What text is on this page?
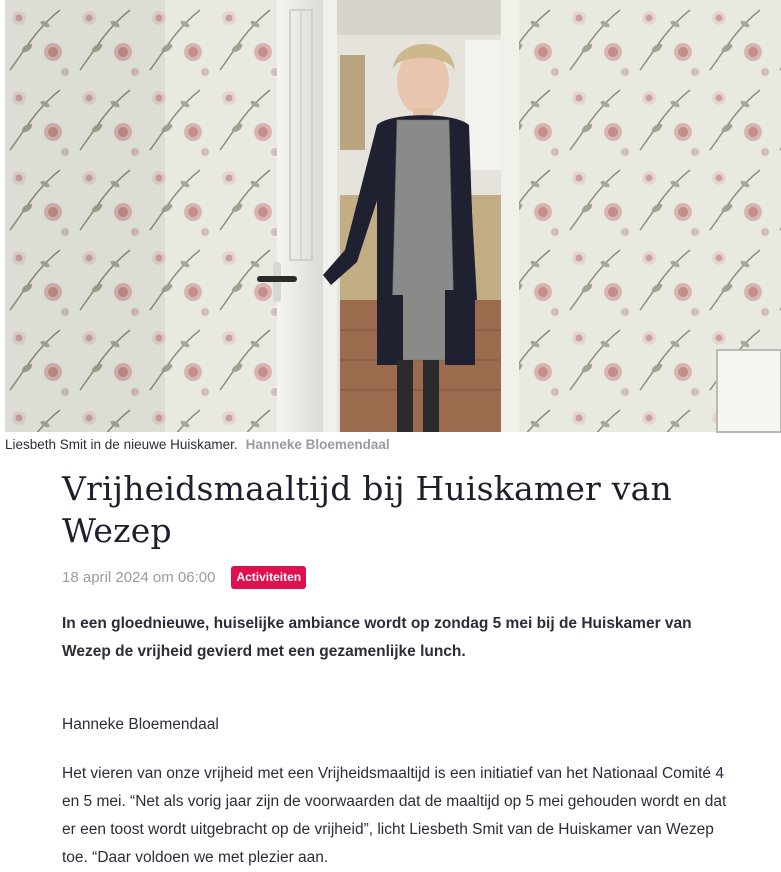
Liesbeth Smit in de nieuwe Huiskamer. Hanneke Bloemendaal
Vrijheidsmaaltijd bij Huiskamer van Wezep
18 april 2024 om 06:00	Activiteiten
In een gloednieuwe, huiselijke ambiance wordt op zondag 5 mei bij de Huiskamer van Wezep de vrijheid gevierd met een gezamenlijke lunch.
Hanneke Bloemendaal
Het vieren van onze vrijheid met een Vrijheidsmaaltijd is een initiatief van het Nationaal Comité 4 en 5 mei. “Net als vorig jaar zijn de voorwaarden dat de maaltijd op 5 mei gehouden wordt en dat er een toost wordt uitgebracht op de vrijheid”, licht Liesbeth Smit van de Huiskamer van Wezep toe. “Daar voldoen we met plezier aan.
